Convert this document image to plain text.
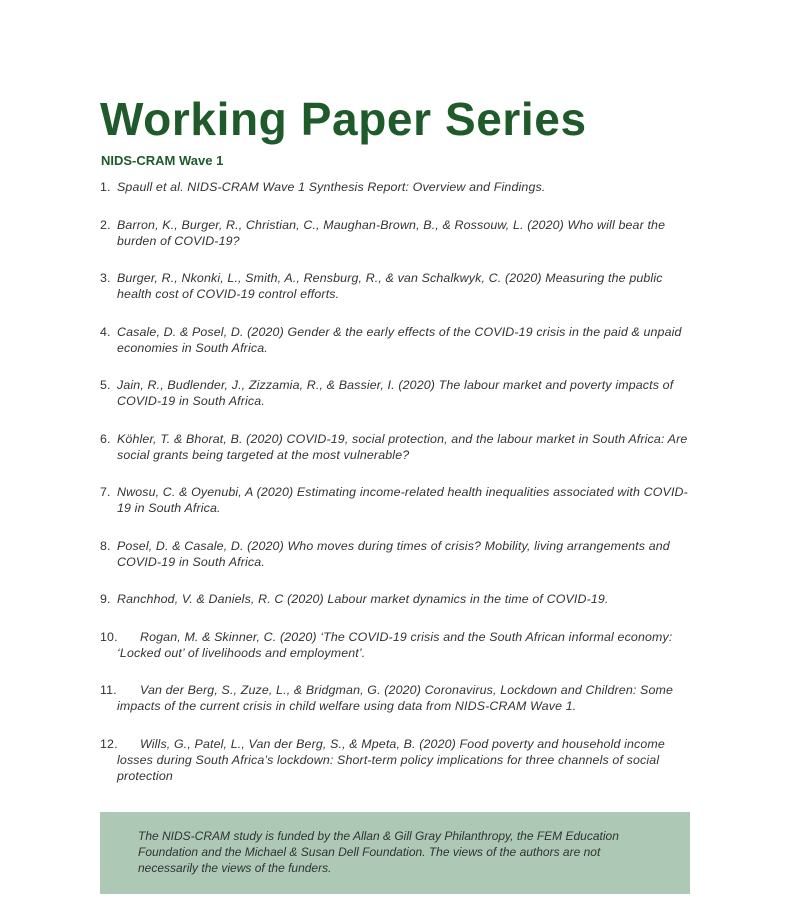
Working Paper Series
NIDS-CRAM Wave 1
1. Spaull et al. NIDS-CRAM Wave 1 Synthesis Report: Overview and Findings.
2. Barron, K., Burger, R., Christian, C., Maughan-Brown, B., & Rossouw, L. (2020) Who will bear the burden of COVID-19?
3. Burger, R., Nkonki, L., Smith, A., Rensburg, R., & van Schalkwyk, C. (2020) Measuring the public health cost of COVID-19 control efforts.
4. Casale, D. & Posel, D. (2020) Gender & the early effects of the COVID-19 crisis in the paid & unpaid economies in South Africa.
5. Jain, R., Budlender, J., Zizzamia, R., & Bassier, I. (2020) The labour market and poverty impacts of COVID-19 in South Africa.
6. Köhler, T. & Bhorat, B. (2020) COVID-19, social protection, and the labour market in South Africa: Are social grants being targeted at the most vulnerable?
7. Nwosu, C. & Oyenubi, A (2020) Estimating income-related health inequalities associated with COVID-19 in South Africa.
8. Posel, D. & Casale, D. (2020) Who moves during times of crisis? Mobility, living arrangements and COVID-19 in South Africa.
9. Ranchhod, V. & Daniels, R. C (2020) Labour market dynamics in the time of COVID-19.
10.	Rogan, M. & Skinner, C. (2020) ‘The COVID-19 crisis and the South African informal economy: ‘Locked out’ of livelihoods and employment’.
11.	Van der Berg, S., Zuze, L., & Bridgman, G. (2020) Coronavirus, Lockdown and Children: Some impacts of the current crisis in child welfare using data from NIDS-CRAM Wave 1.
12.	Wills, G., Patel, L., Van der Berg, S., & Mpeta, B. (2020) Food poverty and household income losses during South Africa’s lockdown: Short-term policy implications for three channels of social protection

The NIDS-CRAM study is funded by the Allan & Gill Gray Philanthropy, the FEM Education Foundation and the Michael & Susan Dell Foundation. The views of the authors are not necessarily the views of the funders.
